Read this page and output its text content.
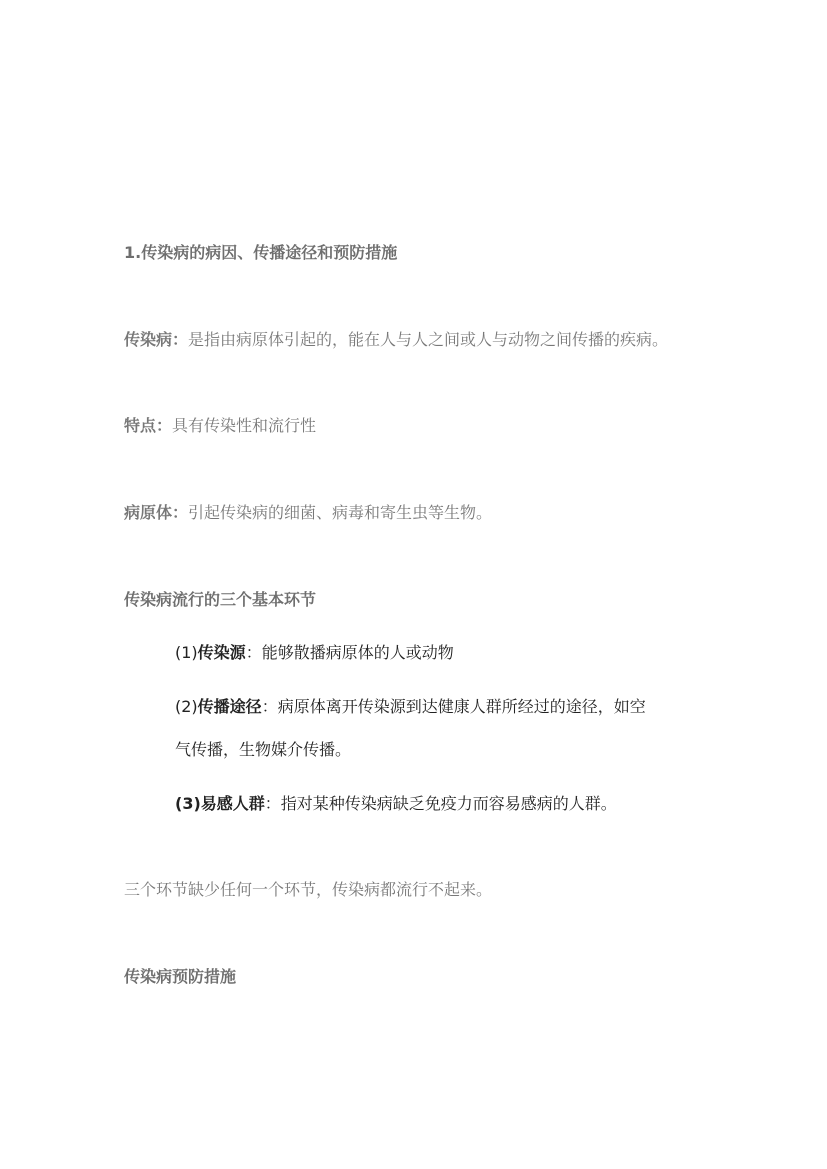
1.传染病的病因、传播途径和预防措施
传染病：是指由病原体引起的，能在人与人之间或人与动物之间传播的疾病。
特点：具有传染性和流行性
病原体：引起传染病的细菌、病毒和寄生虫等生物。
传染病流行的三个基本环节
(1)传染源：能够散播病原体的人或动物
(2)传播途径：病原体离开传染源到达健康人群所经过的途径，如空
气传播，生物媒介传播。
(3)易感人群：指对某种传染病缺乏免疫力而容易感病的人群。
三个环节缺少任何一个环节，传染病都流行不起来。
传染病预防措施
